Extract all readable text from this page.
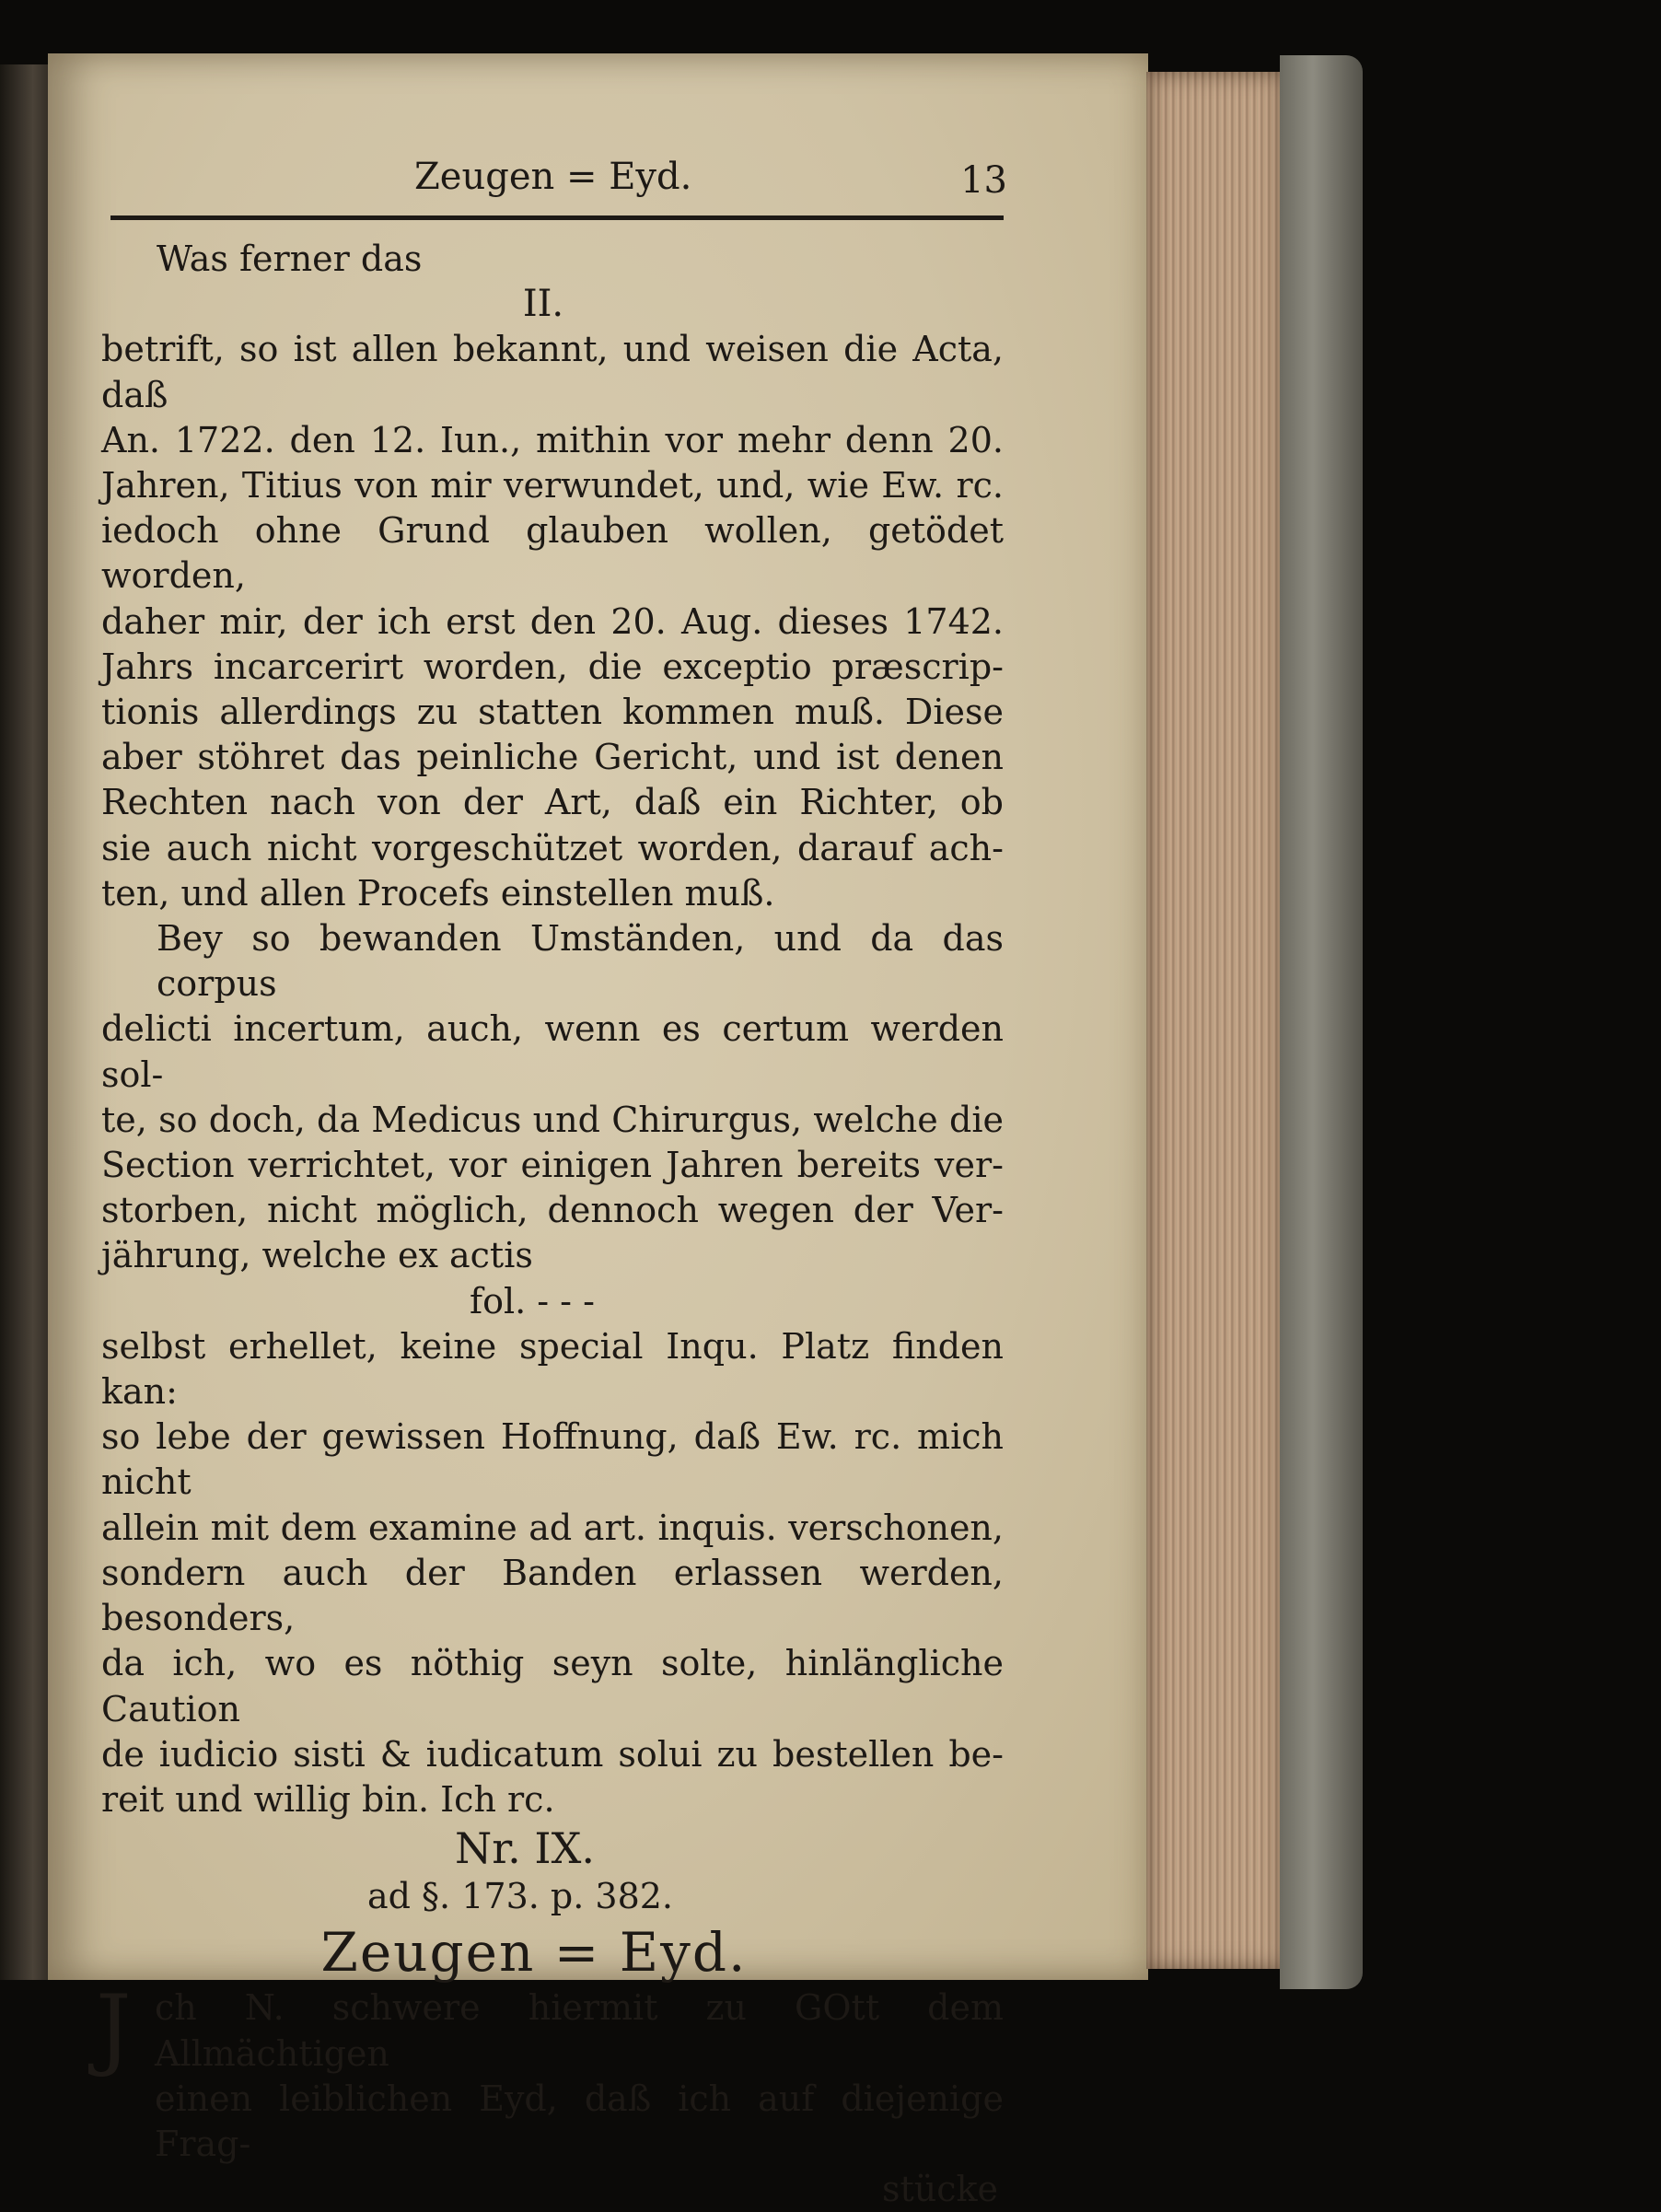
Zeugen = Eyd.	13
Was ferner das
II.
betrift, so ist allen bekannt, und weisen die Acta, daß
An. 1722. den 12. Iun., mithin vor mehr denn 20.
Jahren, Titius von mir verwundet, und, wie Ew. rc.
iedoch ohne Grund glauben wollen, getödet worden,
daher mir, der ich erst den 20. Aug. dieses 1742.
Jahrs incarcerirt worden, die exceptio præscrip-
tionis allerdings zu statten kommen muß. Diese
aber stöhret das peinliche Gericht, und ist denen
Rechten nach von der Art, daß ein Richter, ob
sie auch nicht vorgeschützet worden, darauf ach-
ten, und allen Procefs einstellen muß.
Bey so bewanden Umständen, und da das corpus
delicti incertum, auch, wenn es certum werden sol-
te, so doch, da Medicus und Chirurgus, welche die
Section verrichtet, vor einigen Jahren bereits ver-
storben, nicht möglich, dennoch wegen der Ver-
jährung, welche ex actis
fol. - - -
selbst erhellet, keine special Inqu. Platz finden kan:
so lebe der gewissen Hoffnung, daß Ew. rc. mich nicht
allein mit dem examine ad art. inquis. verschonen,
sondern auch der Banden erlassen werden, besonders,
da ich, wo es nöthig seyn solte, hinlängliche Caution
de iudicio sisti & iudicatum solui zu bestellen be-
reit und willig bin. Ich rc.
Nr. IX.
ad §. 173. p. 382.
Zeugen = Eyd.
J ch N. schwere hiermit zu GOtt dem Allmächtigen
einen leiblichen Eyd, daß ich auf diejenige Frag-
stücke
